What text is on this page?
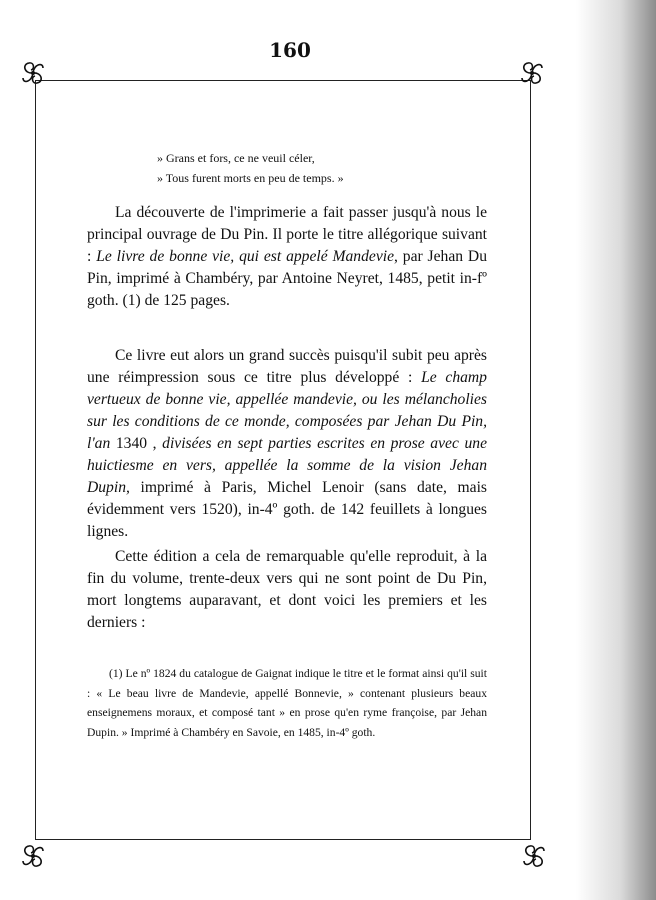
160
» Grans et fors, ce ne veuil céler,
» Tous furent morts en peu de temps. »

La découverte de l'imprimerie a fait passer jusqu'à nous le principal ouvrage de Du Pin. Il porte le titre allégorique suivant : Le livre de bonne vie, qui est appelé Mandevie, par Jehan Du Pin, imprimé à Chambéry, par Antoine Neyret, 1485, petit in-fº goth. (1) de 125 pages.

Ce livre eut alors un grand succès puisqu'il subit peu après une réimpression sous ce titre plus développé : Le champ vertueux de bonne vie, appellée mandevie, ou les mélancholies sur les conditions de ce monde, composées par Jehan Du Pin, l'an 1340 , divisées en sept parties escrites en prose avec une huictiesme en vers, appellée la somme de la vision Jehan Dupin, imprimé à Paris, Michel Lenoir (sans date, mais évidemment vers 1520), in-4º goth. de 142 feuillets à longues lignes.

Cette édition a cela de remarquable qu'elle reproduit, à la fin du volume, trente-deux vers qui ne sont point de Du Pin, mort longtems auparavant, et dont voici les premiers et les derniers :

(1) Le nº 1824 du catalogue de Gaignat indique le titre et le format ainsi qu'il suit : « Le beau livre de Mandevie, appellé Bonnevie, » contenant plusieurs beaux enseignemens moraux, et composé tant » en prose qu'en ryme françoise, par Jehan Dupin. » Imprimé à Chambéry en Savoie, en 1485, in-4º goth.
